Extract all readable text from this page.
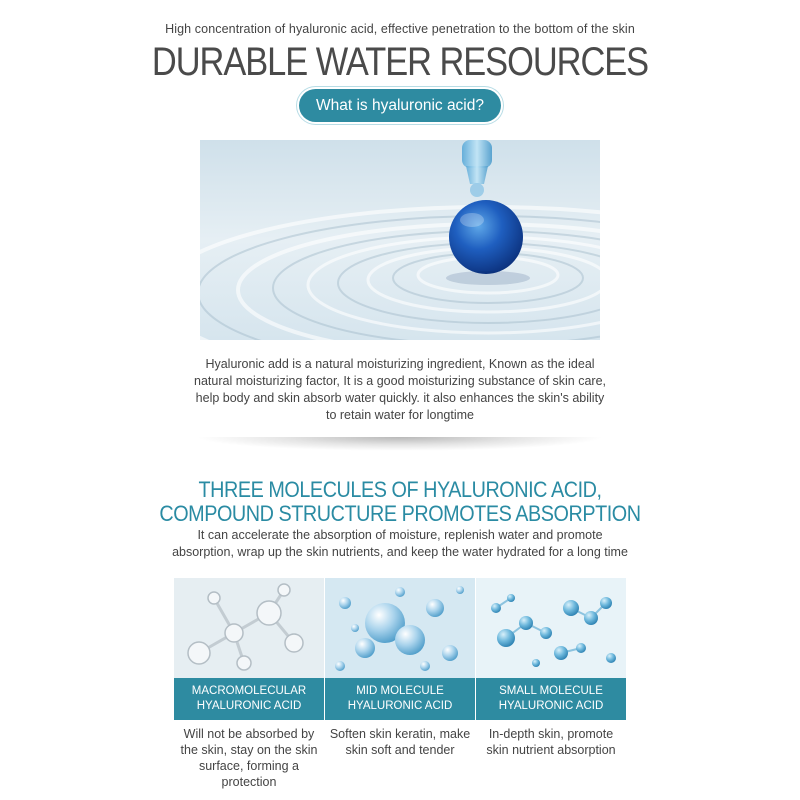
High concentration of hyaluronic acid, effective penetration to the bottom of the skin
DURABLE WATER RESOURCES
What is hyaluronic acid?
Hyaluronic add is a natural moisturizing ingredient, Known as the ideal
natural moisturizing factor, It is a good moisturizing substance of skin care,
help body and skin absorb water quickly. it also enhances the skin's ability
to retain water for longtime
THREE MOLECULES OF HYALURONIC ACID,
COMPOUND STRUCTURE PROMOTES ABSORPTION
It can accelerate the absorption of moisture, replenish water and promote
absorption, wrap up the skin nutrients, and keep the water hydrated for a long time
MACROMOLECULAR
HYALURONIC ACID
Will not be absorbed by
the skin, stay on the skin
surface, forming a
protection
MID MOLECULE
HYALURONIC ACID
Soften skin keratin, make
skin soft and tender
SMALL MOLECULE
HYALURONIC ACID
In-depth skin, promote
skin nutrient absorption
